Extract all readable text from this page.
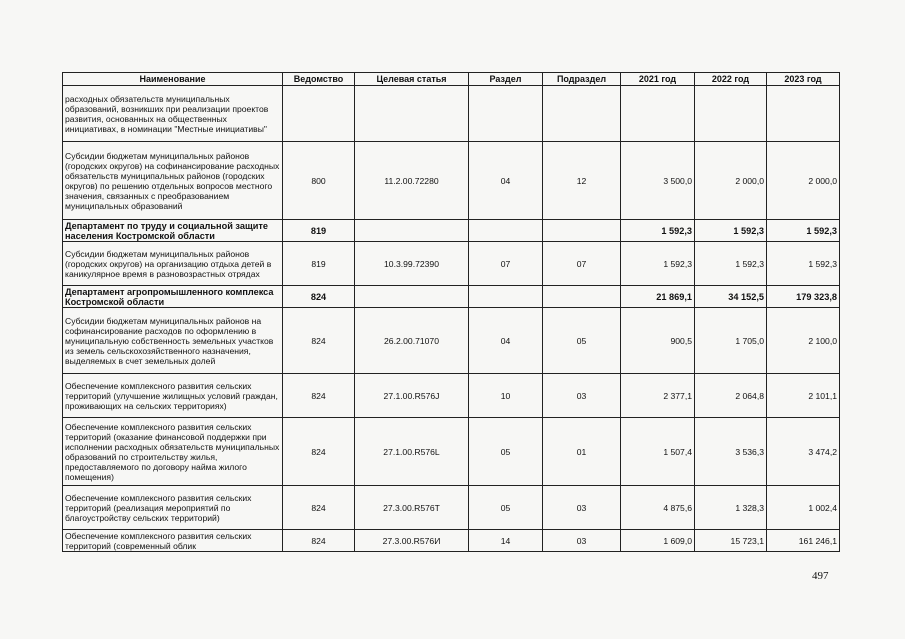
Наименование	Ведомство	Целевая статья	Раздел	Подраздел	2021 год	2022 год	2023 год
расходных обязательств муниципальных образований, возникших при реализации проектов развития, основанных на общественных инициативах, в номинации "Местные инициативы"							
Субсидии бюджетам муниципальных районов (городских округов) на софинансирование расходных обязательств муниципальных районов (городских округов) по решению отдельных вопросов местного значения, связанных с преобразованием муниципальных образований	800	11.2.00.72280	04	12	3 500,0	2 000,0	2 000,0
Департамент по труду и социальной защите населения Костромской области	819				1 592,3	1 592,3	1 592,3
Субсидии бюджетам муниципальных районов (городских округов) на организацию отдыха детей в каникулярное время в разновозрастных отрядах	819	10.3.99.72390	07	07	1 592,3	1 592,3	1 592,3
Департамент агропромышленного комплекса Костромской области	824				21 869,1	34 152,5	179 323,8
Субсидии бюджетам муниципальных районов на софинансирование расходов по оформлению в муниципальную собственность земельных участков из земель сельскохозяйственного назначения, выделяемых в счет земельных долей	824	26.2.00.71070	04	05	900,5	1 705,0	2 100,0
Обеспечение комплексного развития сельских территорий (улучшение жилищных условий граждан, проживающих на сельских территориях)	824	27.1.00.R576J	10	03	2 377,1	2 064,8	2 101,1
Обеспечение комплексного развития сельских территорий (оказание финансовой поддержки при исполнении расходных обязательств муниципальных образований по строительству жилья, предоставляемого по договору найма жилого помещения)	824	27.1.00.R576L	05	01	1 507,4	3 536,3	3 474,2
Обеспечение комплексного развития сельских территорий (реализация мероприятий по благоустройству сельских территорий)	824	27.3.00.R576T	05	03	4 875,6	1 328,3	1 002,4
Обеспечение комплексного развития сельских территорий (современный облик	824	27.3.00.R576И	14	03	1 609,0	15 723,1	161 246,1
497
